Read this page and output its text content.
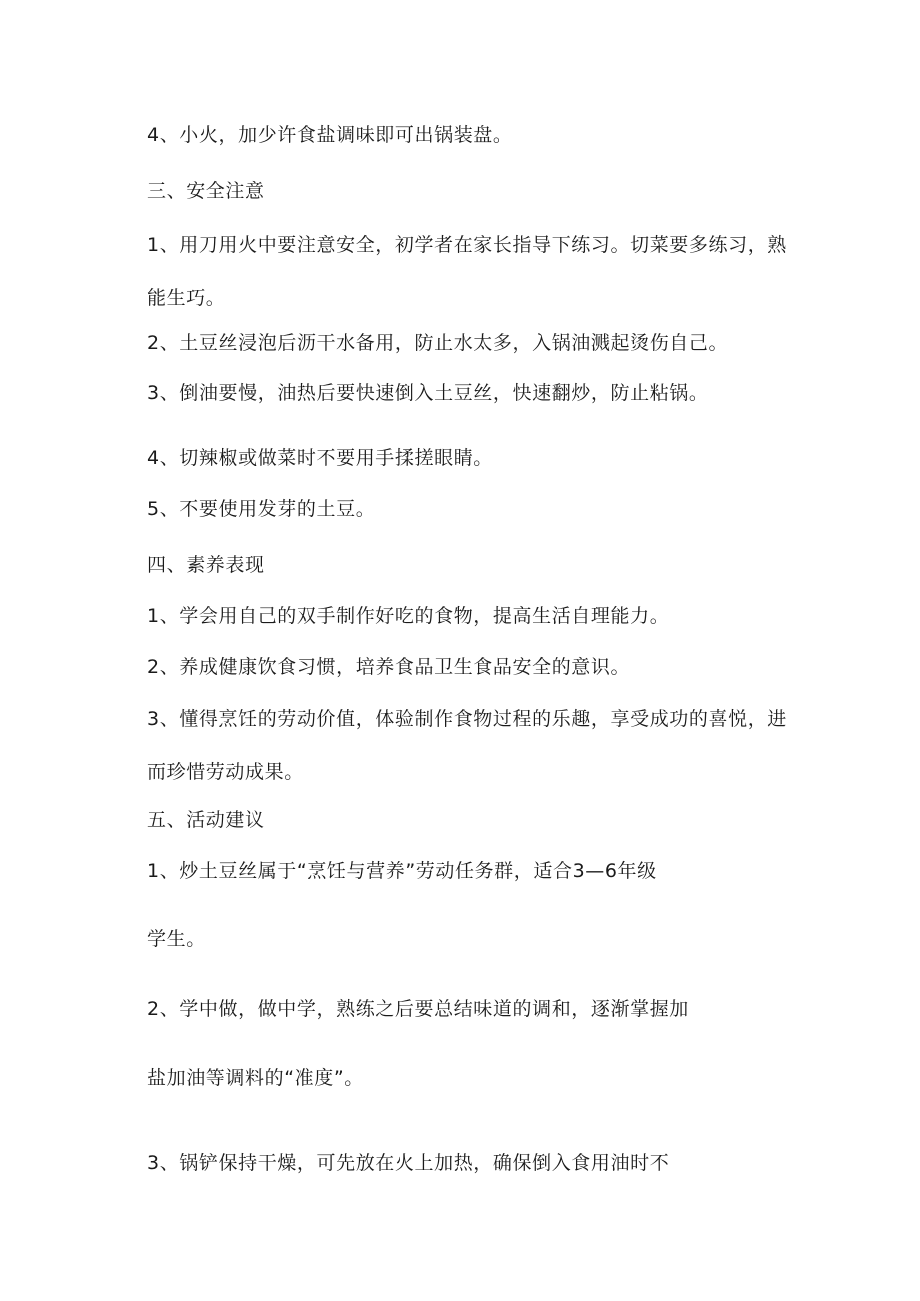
4、小火，加少许食盐调味即可出锅装盘。
三、安全注意
1、用刀用火中要注意安全，初学者在家长指导下练习。切菜要多练习，熟
能生巧。
2、土豆丝浸泡后沥干水备用，防止水太多，入锅油溅起烫伤自己。
3、倒油要慢，油热后要快速倒入土豆丝，快速翻炒，防止粘锅。
4、切辣椒或做菜时不要用手揉搓眼睛。
5、不要使用发芽的土豆。
四、素养表现
1、学会用自己的双手制作好吃的食物，提高生活自理能力。
2、养成健康饮食习惯，培养食品卫生食品安全的意识。
3、懂得烹饪的劳动价值，体验制作食物过程的乐趣，享受成功的喜悦，进
而珍惜劳动成果。
五、活动建议
1、炒土豆丝属于“烹饪与营养”劳动任务群，适合3—6年级
学生。
2、学中做，做中学，熟练之后要总结味道的调和，逐渐掌握加
盐加油等调料的“准度”。
3、锅铲保持干燥，可先放在火上加热，确保倒入食用油时不
